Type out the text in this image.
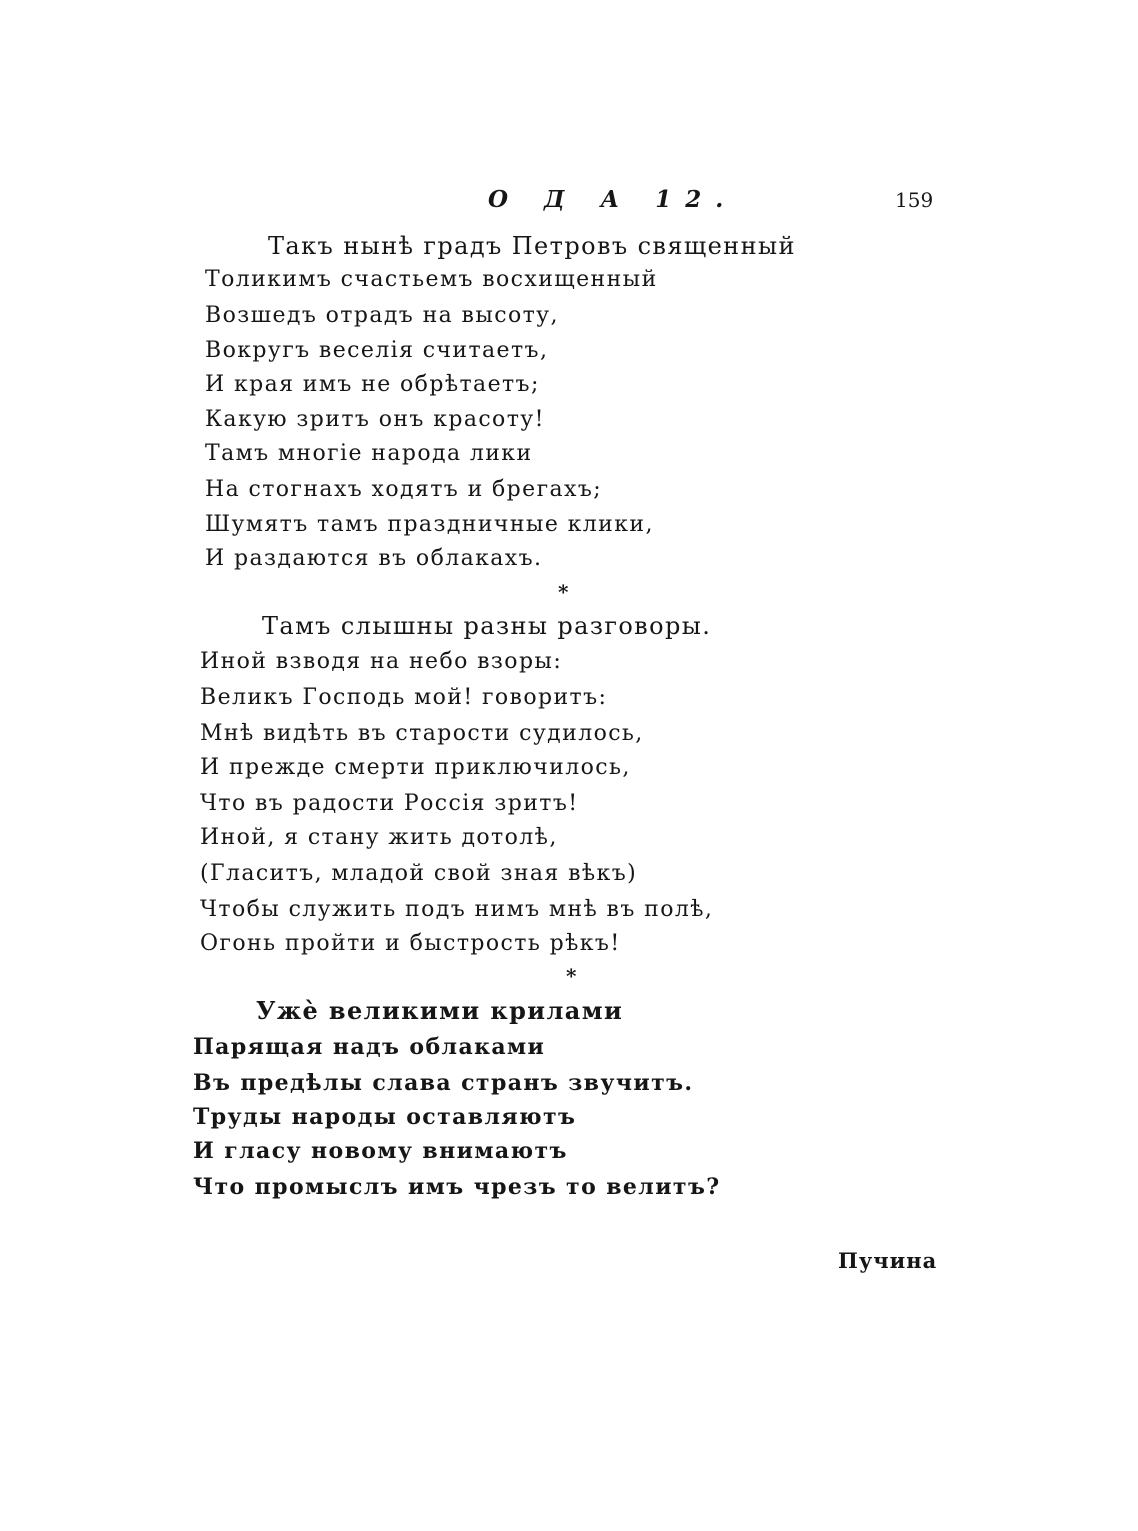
О Д А 12.	159
Такъ нынѣ градъ Петровъ священный
Толикимъ счастьемъ восхищенный
Возшедъ отрадъ на высоту,
Вокругъ веселія считаетъ,
И края имъ не обрѣтаетъ;
Какую зритъ онъ красоту!
Тамъ многіе народа лики
На стогнахъ ходятъ и брегахъ;
Шумятъ тамъ праздничные клики,
И раздаются въ облакахъ.
*
Тамъ слышны разны разговоры.
Иной взводя на небо взоры:
Великъ Господь мой! говоритъ:
Мнѣ видѣть въ старости судилось,
И прежде смерти приключилось,
Что въ радости Россія зритъ!
Иной, я стану жить дотолѣ,
(Гласитъ, младой свой зная вѣкъ)
Чтобы служить подъ нимъ мнѣ въ полѣ,
Огонь пройти и быстрость рѣкъ!
*
Ужѐ великими крилами
Парящая надъ облаками
Въ предѣлы слава странъ звучитъ.
Труды народы оставляютъ
И гласу новому внимаютъ
Что промыслъ имъ чрезъ то велитъ?
Пучина
